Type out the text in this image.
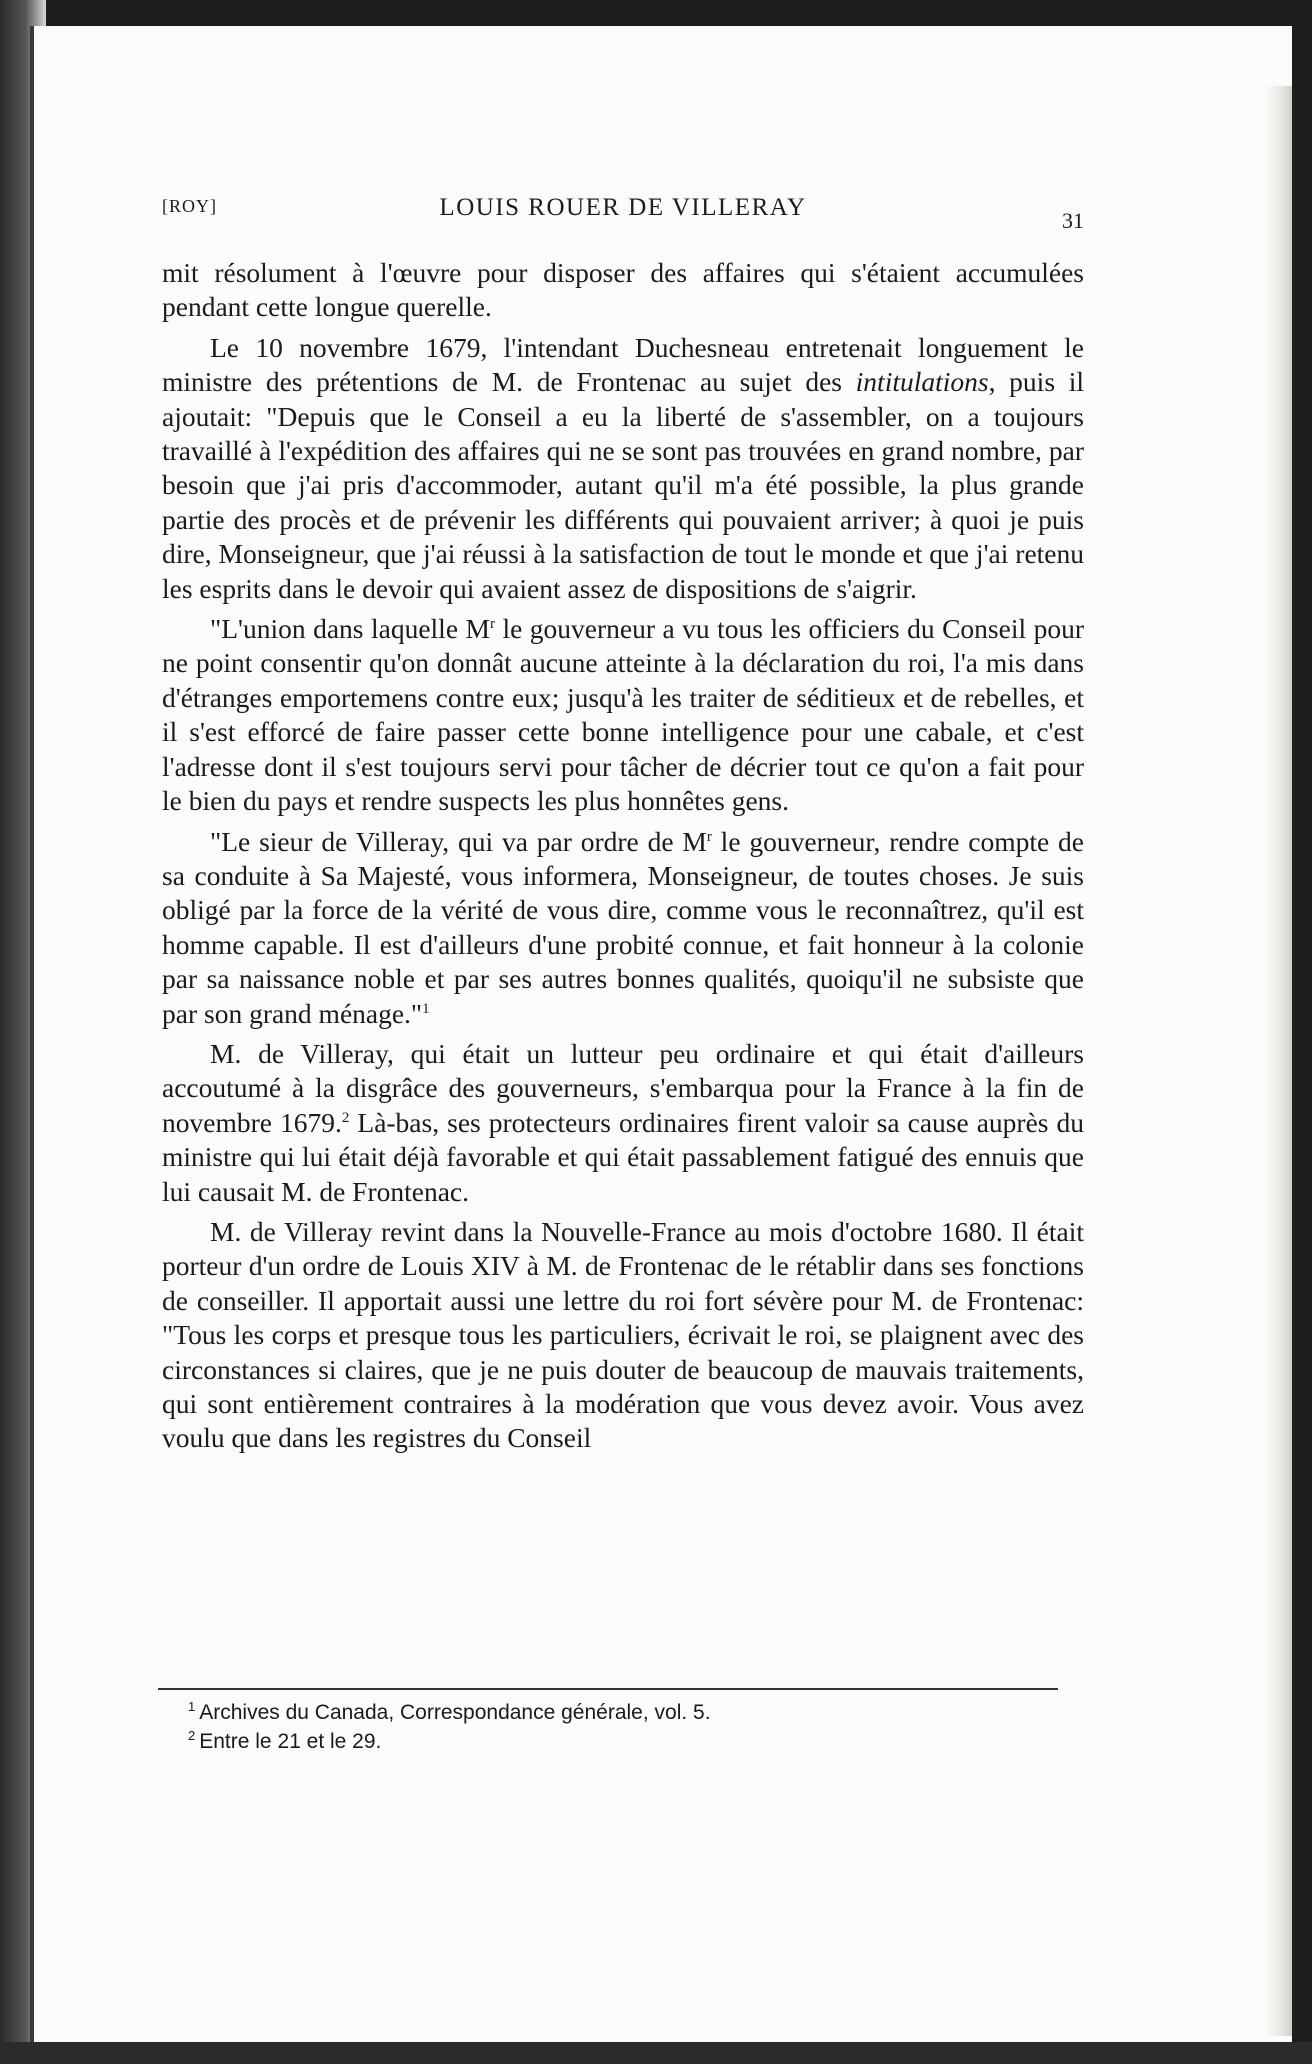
[ROY]	LOUIS ROUER DE VILLERAY	31

mit résolument à l'œuvre pour disposer des affaires qui s'étaient accumulées pendant cette longue querelle.

Le 10 novembre 1679, l'intendant Duchesneau entretenait longuement le ministre des prétentions de M. de Frontenac au sujet des intitulations, puis il ajoutait: "Depuis que le Conseil a eu la liberté de s'assembler, on a toujours travaillé à l'expédition des affaires qui ne se sont pas trouvées en grand nombre, par besoin que j'ai pris d'accommoder, autant qu'il m'a été possible, la plus grande partie des procès et de prévenir les différents qui pouvaient arriver; à quoi je puis dire, Monseigneur, que j'ai réussi à la satisfaction de tout le monde et que j'ai retenu les esprits dans le devoir qui avaient assez de dispositions de s'aigrir.

"L'union dans laquelle $M^r$ le gouverneur a vu tous les officiers du Conseil pour ne point consentir qu'on donnât aucune atteinte à la déclaration du roi, l'a mis dans d'étranges emportemens contre eux; jusqu'à les traiter de séditieux et de rebelles, et il s'est efforcé de faire passer cette bonne intelligence pour une cabale, et c'est l'adresse dont il s'est toujours servi pour tâcher de décrier tout ce qu'on a fait pour le bien du pays et rendre suspects les plus honnêtes gens.

"Le sieur de Villeray, qui va par ordre de $M^r$ le gouverneur, rendre compte de sa conduite à Sa Majesté, vous informera, Monseigneur, de toutes choses. Je suis obligé par la force de la vérité de vous dire, comme vous le reconnaîtrez, qu'il est homme capable. Il est d'ailleurs d'une probité connue, et fait honneur à la colonie par sa naissance noble et par ses autres bonnes qualités, quoiqu'il ne subsiste que par son grand ménage."$^1$

M. de Villeray, qui était un lutteur peu ordinaire et qui était d'ailleurs accoutumé à la disgrâce des gouverneurs, s'embarqua pour la France à la fin de novembre 1679.$^2$ Là-bas, ses protecteurs ordinaires firent valoir sa cause auprès du ministre qui lui était déjà favorable et qui était passablement fatigué des ennuis que lui causait M. de Frontenac.

M. de Villeray revint dans la Nouvelle-France au mois d'octobre 1680. Il était porteur d'un ordre de Louis XIV à M. de Frontenac de le rétablir dans ses fonctions de conseiller. Il apportait aussi une lettre du roi fort sévère pour M. de Frontenac: "Tous les corps et presque tous les particuliers, écrivait le roi, se plaignent avec des circonstances si claires, que je ne puis douter de beaucoup de mauvais traitements, qui sont entièrement contraires à la modération que vous devez avoir. Vous avez voulu que dans les registres du Conseil

$^1$ Archives du Canada, Correspondance générale, vol. 5.
$^2$ Entre le 21 et le 29.
